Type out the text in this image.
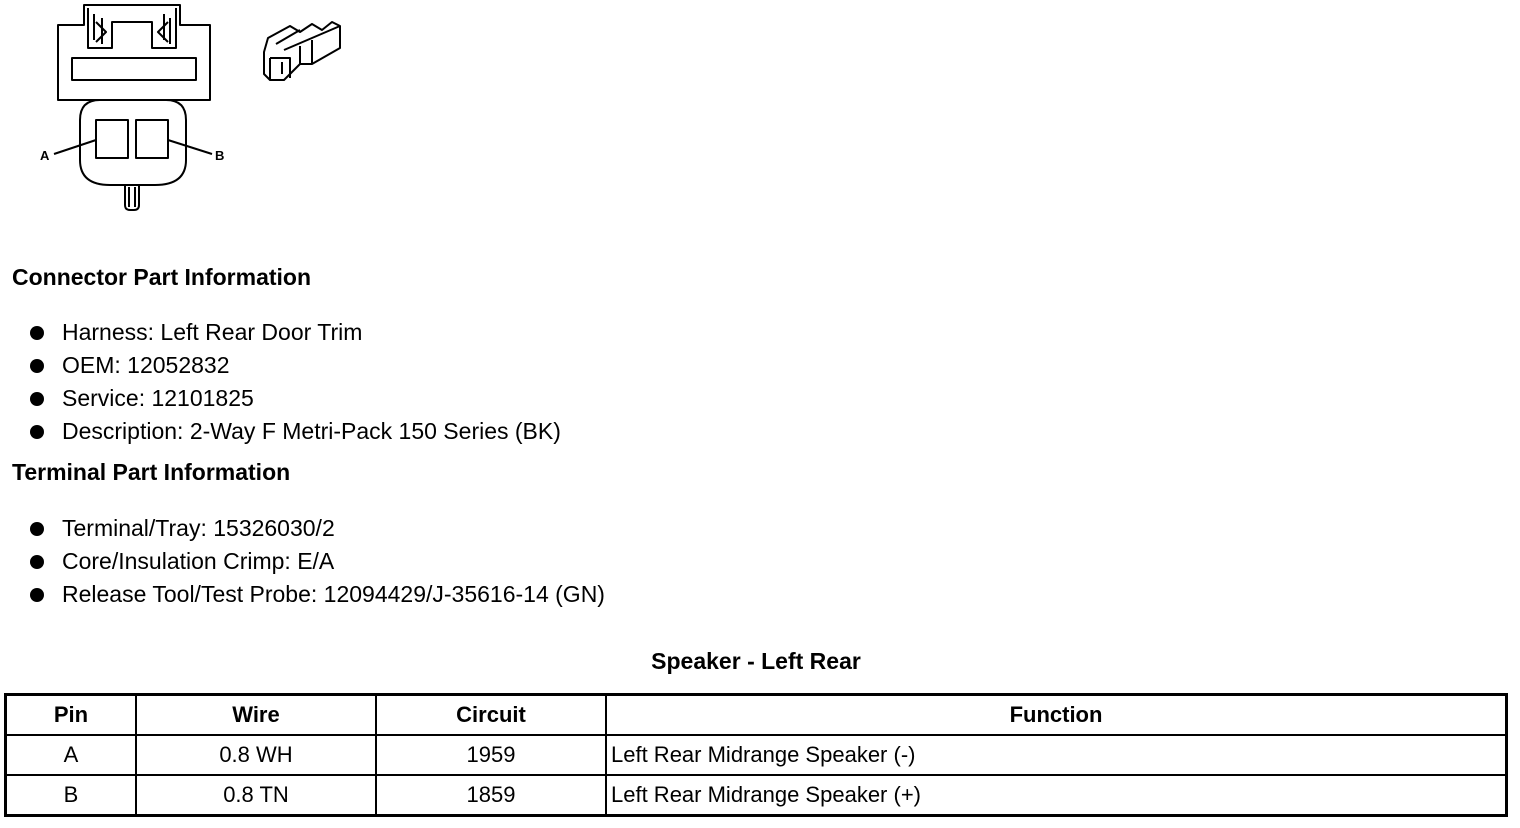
A	B
Connector Part Information
Harness: Left Rear Door Trim
OEM: 12052832
Service: 12101825
Description: 2-Way F Metri-Pack 150 Series (BK)
Terminal Part Information
Terminal/Tray: 15326030/2
Core/Insulation Crimp: E/A
Release Tool/Test Probe: 12094429/J-35616-14 (GN)
Speaker - Left Rear
Pin	Wire	Circuit	Function
A	0.8 WH	1959	Left Rear Midrange Speaker (-)
B	0.8 TN	1859	Left Rear Midrange Speaker (+)
